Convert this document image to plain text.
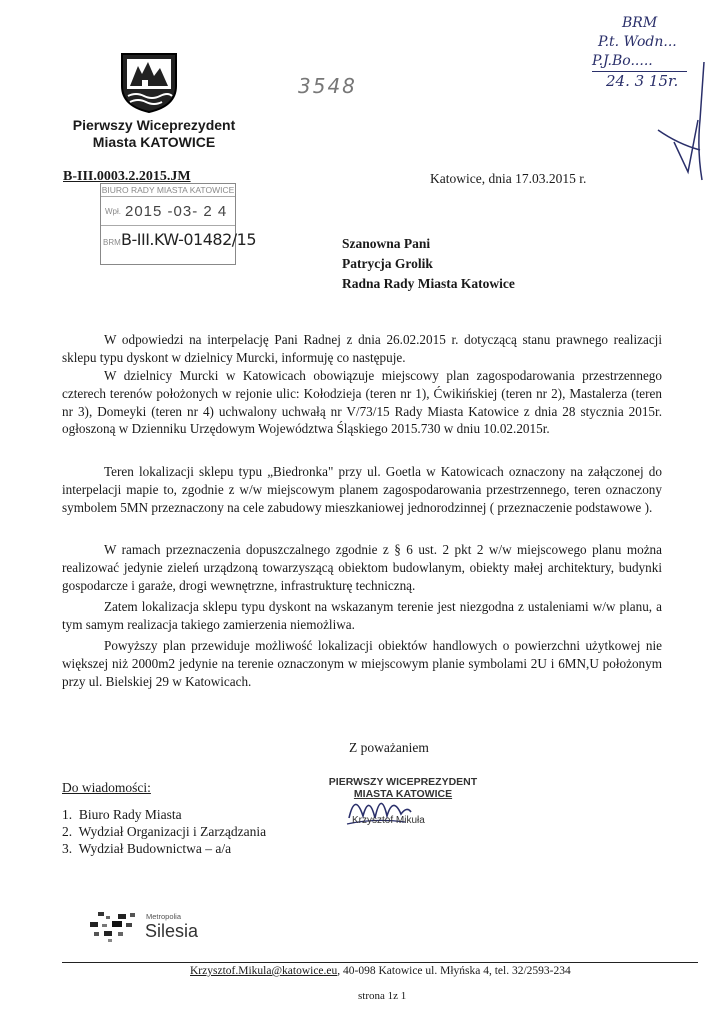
Pierwszy Wiceprezydent
Miasta KATOWICE
B-III.0003.2.2015.JM
3548
BRM
P.t. Wodn...
P.J.Bo.....
24. 3 15r.
BIURO RADY MIASTA KATOWICE
Wpł. 2015 -03- 2 4
BRM B-III.KW-01482/15
Katowice, dnia 17.03.2015 r.
Szanowna Pani
Patrycja Grolik
Radna Rady Miasta Katowice

W odpowiedzi na interpelację Pani Radnej z dnia 26.02.2015 r. dotyczącą stanu prawnego realizacji sklepu typu dyskont w dzielnicy Murcki, informuję co następuje.

W dzielnicy Murcki w Katowicach obowiązuje miejscowy plan zagospodarowania przestrzennego czterech terenów położonych w rejonie ulic: Kołodzieja (teren nr 1), Ćwikińskiej (teren nr 2), Mastalerza (teren nr 3), Domeyki (teren nr 4) uchwalony uchwałą nr V/73/15 Rady Miasta Katowice z dnia 28 stycznia 2015r. ogłoszoną w Dzienniku Urzędowym Województwa Śląskiego 2015.730 w dniu 10.02.2015r.

Teren lokalizacji sklepu typu „Biedronka" przy ul. Goetla w Katowicach oznaczony na załączonej do interpelacji mapie to, zgodnie z w/w miejscowym planem zagospodarowania przestrzennego, teren oznaczony symbolem 5MN przeznaczony na cele zabudowy mieszkaniowej jednorodzinnej ( przeznaczenie podstawowe ).

W ramach przeznaczenia dopuszczalnego zgodnie z § 6 ust. 2 pkt 2 w/w miejscowego planu można realizować jedynie zieleń urządzoną towarzyszącą obiektom budowlanym, obiekty małej architektury, budynki gospodarcze i garaże, drogi wewnętrzne, infrastrukturę techniczną.

Zatem lokalizacja sklepu typu dyskont na wskazanym terenie jest niezgodna z ustaleniami w/w planu, a tym samym realizacja takiego zamierzenia niemożliwa.

Powyższy plan przewiduje możliwość lokalizacji obiektów handlowych o powierzchni użytkowej nie większej niż 2000m2 jedynie na terenie oznaczonym w miejscowym planie symbolami 2U i 6MN,U położonym przy ul. Bielskiej 29 w Katowicach.

Z poważaniem
PIERWSZY WICEPREZYDENT
MIASTA KATOWICE
Krzysztof Mikuła
Do wiadomości:
1.  Biuro Rady Miasta
2.  Wydział Organizacji i Zarządzania
3.  Wydział Budownictwa – a/a
Metropolia
Silesia
Krzysztof.Mikula@katowice.eu, 40-098 Katowice ul. Młyńska 4, tel. 32/2593-234
strona 1z 1
